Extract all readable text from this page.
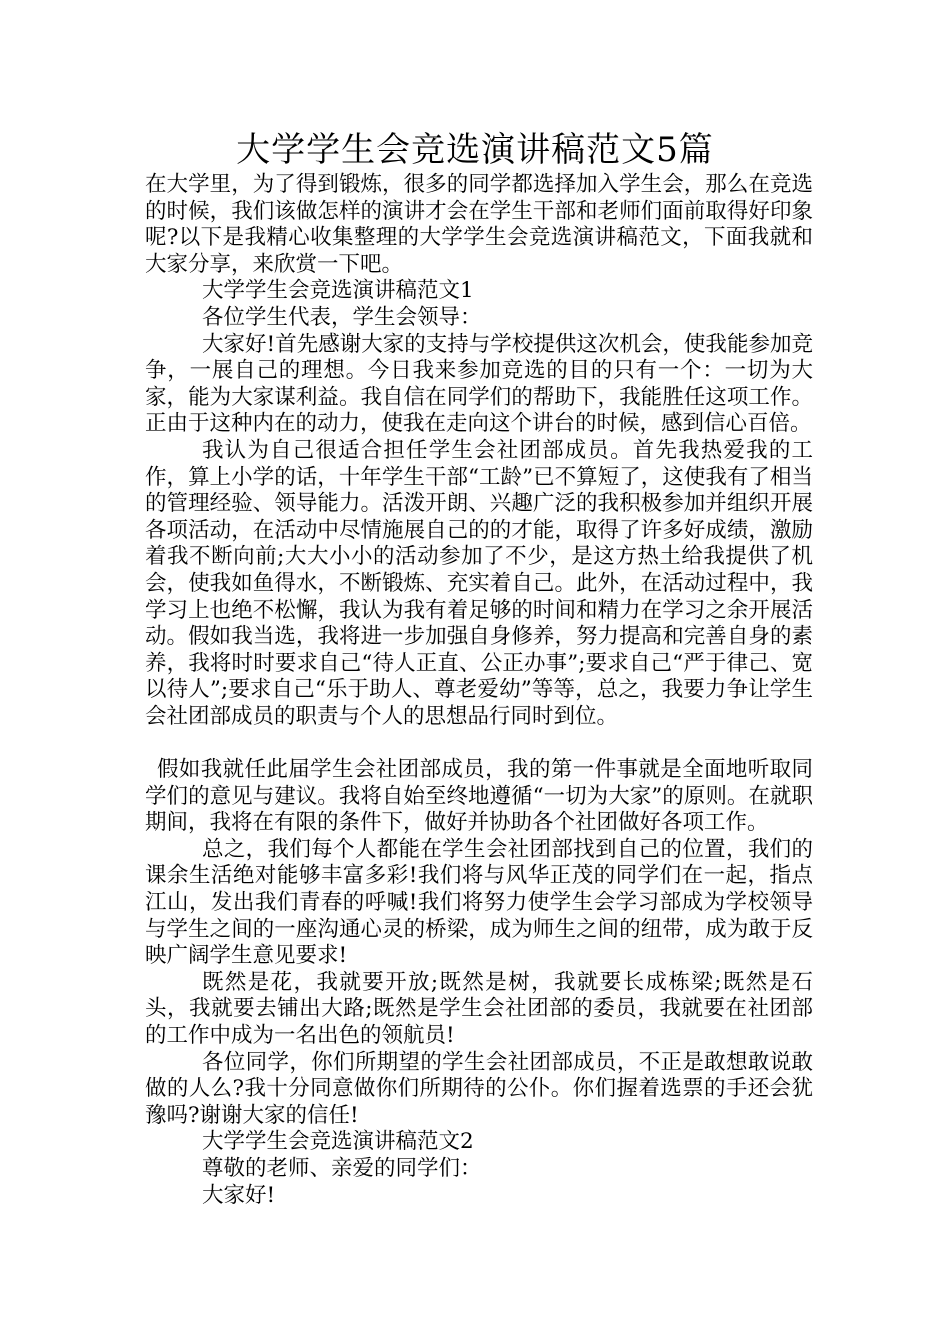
大学学生会竞选演讲稿范文5篇

在大学里，为了得到锻炼，很多的同学都选择加入学生会，那么在竞选的时候，我们该做怎样的演讲才会在学生干部和老师们面前取得好印象呢?以下是我精心收集整理的大学学生会竞选演讲稿范文，下面我就和大家分享，来欣赏一下吧。

大学学生会竞选演讲稿范文1

各位学生代表，学生会领导：

大家好!首先感谢大家的支持与学校提供这次机会，使我能参加竞争，一展自己的理想。今日我来参加竞选的目的只有一个：一切为大家，能为大家谋利益。我自信在同学们的帮助下，我能胜任这项工作。正由于这种内在的动力，使我在走向这个讲台的时候，感到信心百倍。

我认为自己很适合担任学生会社团部成员。首先我热爱我的工作，算上小学的话，十年学生干部“工龄”已不算短了，这使我有了相当的管理经验、领导能力。活泼开朗、兴趣广泛的我积极参加并组织开展各项活动，在活动中尽情施展自己的的才能，取得了许多好成绩，激励着我不断向前;大大小小的活动参加了不少，是这方热土给我提供了机会，使我如鱼得水，不断锻炼、充实着自己。此外，在活动过程中，我学习上也绝不松懈，我认为我有着足够的时间和精力在学习之余开展活动。假如我当选，我将进一步加强自身修养，努力提高和完善自身的素养，我将时时要求自己“待人正直、公正办事”;要求自己“严于律己、宽以待人”;要求自己“乐于助人、尊老爱幼”等等，总之，我要力争让学生会社团部成员的职责与个人的思想品行同时到位。

假如我就任此届学生会社团部成员，我的第一件事就是全面地听取同学们的意见与建议。我将自始至终地遵循“一切为大家”的原则。在就职期间，我将在有限的条件下，做好并协助各个社团做好各项工作。

总之，我们每个人都能在学生会社团部找到自己的位置，我们的课余生活绝对能够丰富多彩!我们将与风华正茂的同学们在一起，指点江山，发出我们青春的呼喊!我们将努力使学生会学习部成为学校领导与学生之间的一座沟通心灵的桥梁，成为师生之间的纽带，成为敢于反映广阔学生意见要求!

既然是花，我就要开放;既然是树，我就要长成栋梁;既然是石头，我就要去铺出大路;既然是学生会社团部的委员，我就要在社团部的工作中成为一名出色的领航员!

各位同学，你们所期望的学生会社团部成员，不正是敢想敢说敢做的人么?我十分同意做你们所期待的公仆。你们握着选票的手还会犹豫吗?谢谢大家的信任!

大学学生会竞选演讲稿范文2

尊敬的老师、亲爱的同学们：

大家好!
